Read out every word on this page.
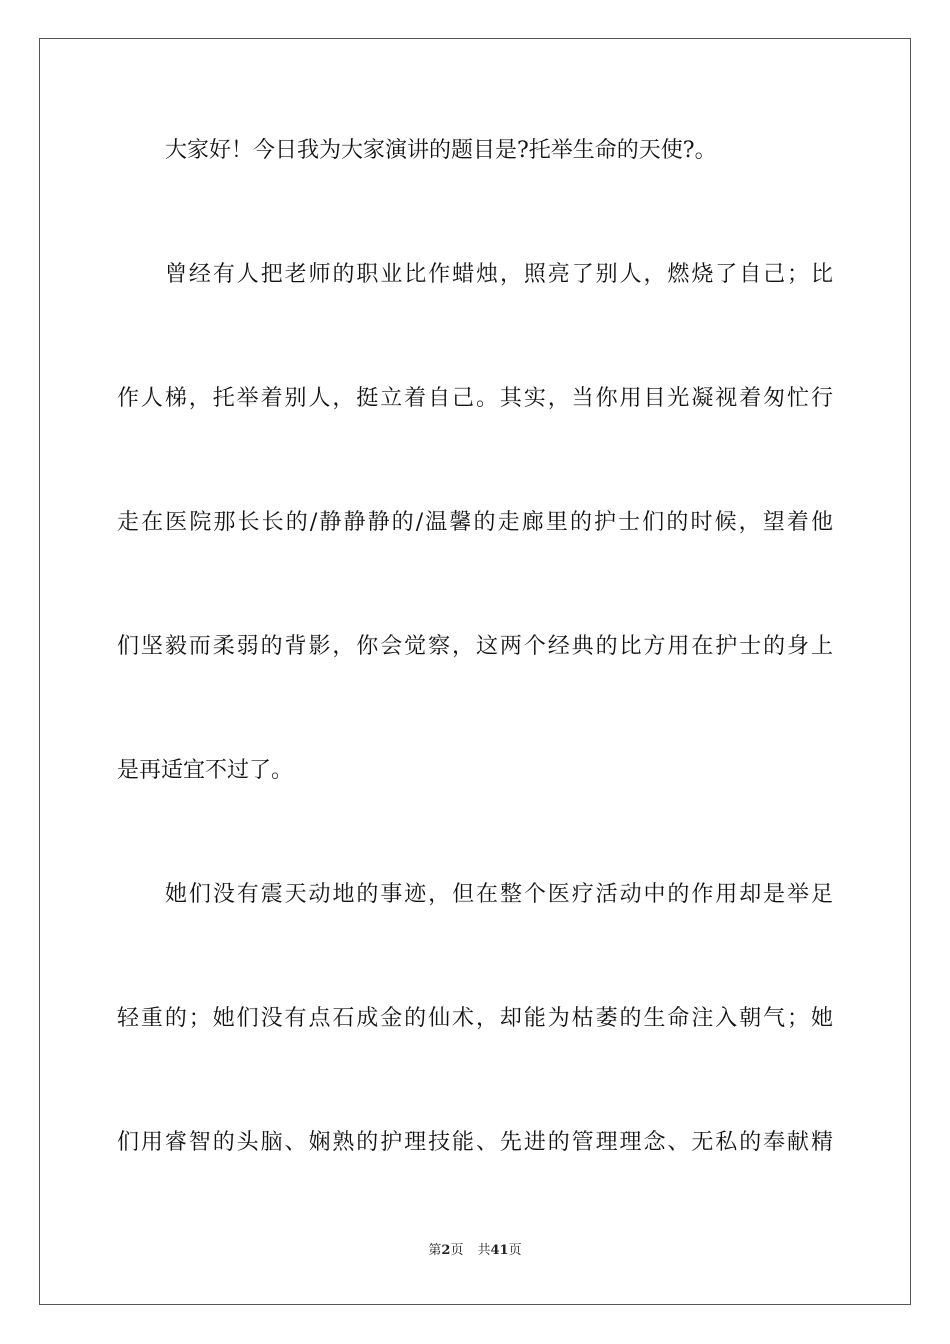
大家好！今日我为大家演讲的题目是?托举生命的天使?。
曾经有人把老师的职业比作蜡烛，照亮了别人，燃烧了自己；比
作人梯，托举着别人，挺立着自己。其实，当你用目光凝视着匆忙行
走在医院那长长的/静静静的/温馨的走廊里的护士们的时候，望着他
们坚毅而柔弱的背影，你会觉察，这两个经典的比方用在护士的身上
是再适宜不过了。
她们没有震天动地的事迹，但在整个医疗活动中的作用却是举足
轻重的；她们没有点石成金的仙术，却能为枯萎的生命注入朝气；她
们用睿智的头脑、娴熟的护理技能、先进的管理理念、无私的奉献精
第2页 共41页
